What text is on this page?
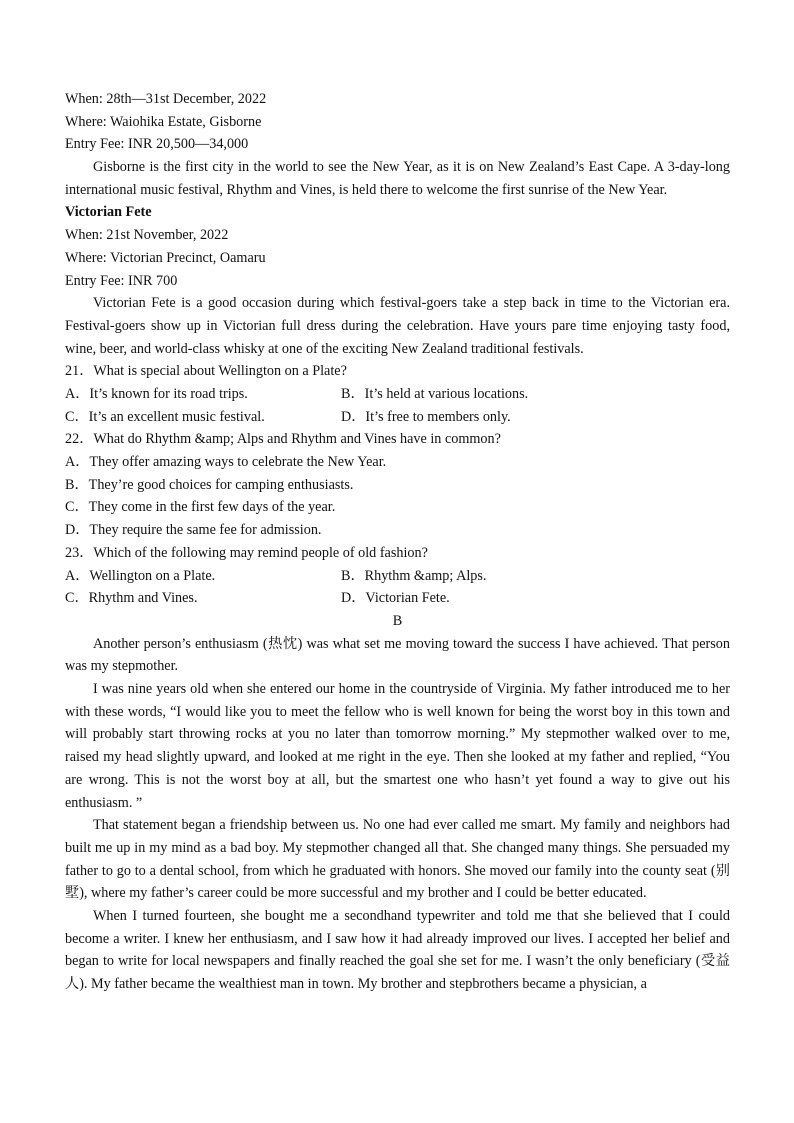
When: 28th—31st December, 2022
Where: Waiohika Estate, Gisborne
Entry Fee: INR 20,500—34,000

Gisborne is the first city in the world to see the New Year, as it is on New Zealand’s East Cape. A 3-day-long international music festival, Rhythm and Vines, is held there to welcome the first sunrise of the New Year.

Victorian Fete
When: 21st November, 2022
Where: Victorian Precinct, Oamaru
Entry Fee: INR 700

Victorian Fete is a good occasion during which festival-goers take a step back in time to the Victorian era. Festival-goers show up in Victorian full dress during the celebration. Have yours pare time enjoying tasty food, wine, beer, and world-class whisky at one of the exciting New Zealand traditional festivals.

21．What is special about Wellington on a Plate?
A．It’s known for its road trips.	B．It’s held at various locations.
C．It’s an excellent music festival.	D．It’s free to members only.
22．What do Rhythm &amp; Alps and Rhythm and Vines have in common?
A．They offer amazing ways to celebrate the New Year.
B．They’re good choices for camping enthusiasts.
C．They come in the first few days of the year.
D．They require the same fee for admission.
23．Which of the following may remind people of old fashion?
A．Wellington on a Plate.	B．Rhythm &amp; Alps.
C．Rhythm and Vines.	D．Victorian Fete.
B

Another person’s enthusiasm (热忱) was what set me moving toward the success I have achieved. That person was my stepmother.

I was nine years old when she entered our home in the countryside of Virginia. My father introduced me to her with these words, “I would like you to meet the fellow who is well known for being the worst boy in this town and will probably start throwing rocks at you no later than tomorrow morning.” My stepmother walked over to me, raised my head slightly upward, and looked at me right in the eye. Then she looked at my father and replied, “You are wrong. This is not the worst boy at all, but the smartest one who hasn’t yet found a way to give out his enthusiasm. ”

That statement began a friendship between us. No one had ever called me smart. My family and neighbors had built me up in my mind as a bad boy. My stepmother changed all that. She changed many things. She persuaded my father to go to a dental school, from which he graduated with honors. She moved our family into the county seat (别墅), where my father’s career could be more successful and my brother and I could be better educated.

When I turned fourteen, she bought me a secondhand typewriter and told me that she believed that I could become a writer. I knew her enthusiasm, and I saw how it had already improved our lives. I accepted her belief and began to write for local newspapers and finally reached the goal she set for me. I wasn’t the only beneficiary (受益人). My father became the wealthiest man in town. My brother and stepbrothers became a physician, a
